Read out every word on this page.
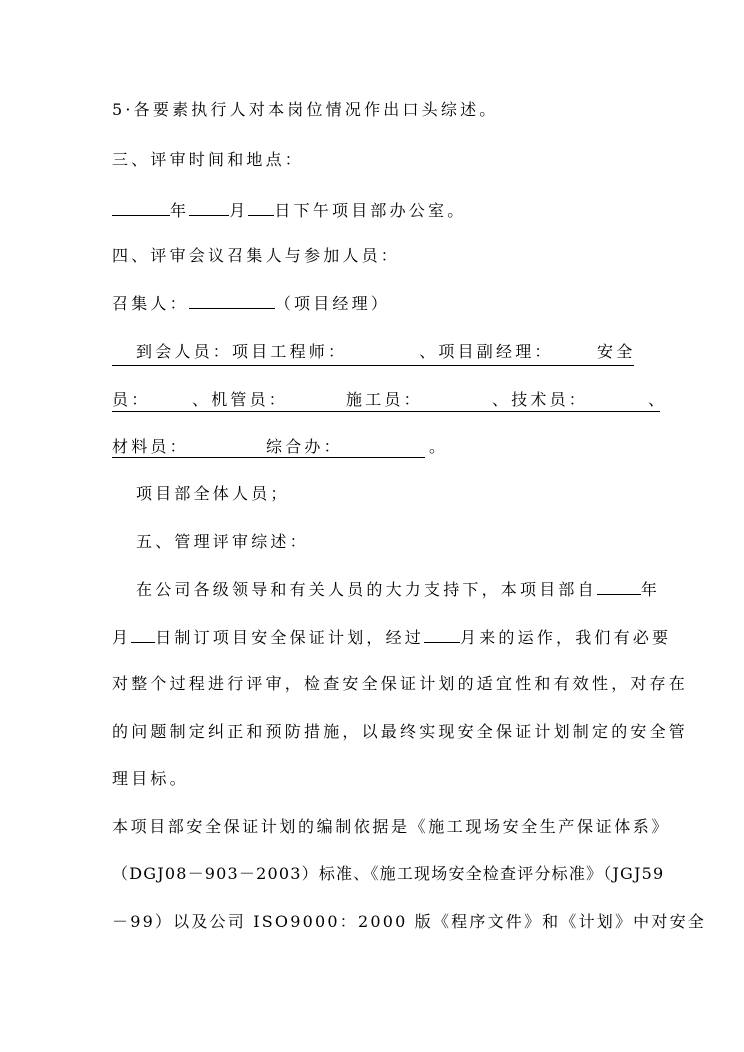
5·各要素执行人对本岗位情况作出口头综述。
三、评审时间和地点：
年	月 日下午项目部办公室。
四、评审会议召集人与参加人员：
召集人：	（项目经理）
到会人员：项目工程师：	、项目副经理：	安全
员：	、机管员：	施工员：	、技术员：	、
材料员：	综合办：	。
项目部全体人员；
五、管理评审综述：
在公司各级领导和有关人员的大力支持下，本项目部自	年
月 日制订项目安全保证计划，经过 月来的运作，我们有必要
对整个过程进行评审，检查安全保证计划的适宜性和有效性，对存在
的问题制定纠正和预防措施，以最终实现安全保证计划制定的安全管
理目标。
本项目部安全保证计划的编制依据是《施工现场安全生产保证体系》
（DGJ08－903－2003）标准、《施工现场安全检查评分标准》（JGJ59
－99）以及公司 ISO9000：2000 版《程序文件》和《计划》中对安全
